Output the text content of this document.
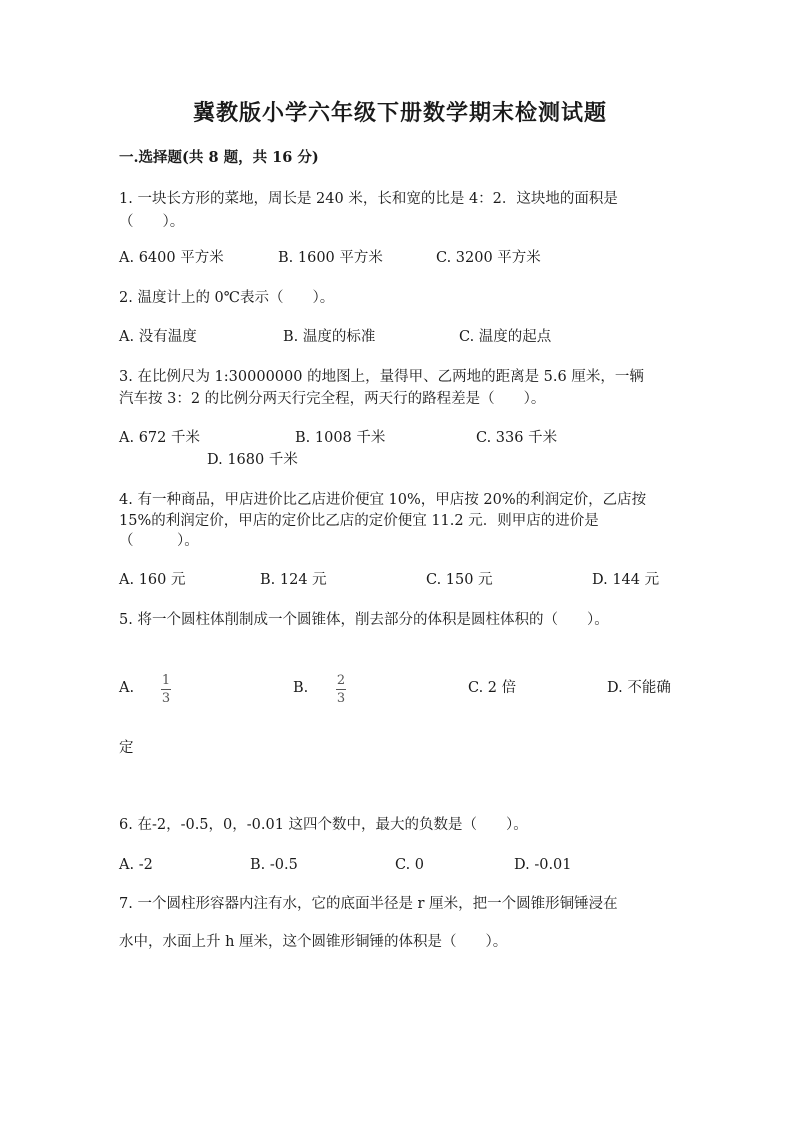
冀教版小学六年级下册数学期末检测试题
一.选择题(共 8 题，共 16 分)
1. 一块长方形的菜地，周长是 240 米，长和宽的比是 4：2．这块地的面积是
（　　）。
A. 6400 平方米	B. 1600 平方米	C. 3200 平方米
2. 温度计上的 0℃表示（　　）。
A. 没有温度	B. 温度的标准	C. 温度的起点
3. 在比例尺为 1:30000000 的地图上，量得甲、乙两地的距离是 5.6 厘米，一辆
汽车按 3：2 的比例分两天行完全程，两天行的路程差是（　　）。
A. 672 千米	B. 1008 千米	C. 336 千米
D. 1680 千米
4. 有一种商品，甲店进价比乙店进价便宜 10%，甲店按 20%的利润定价，乙店按
15%的利润定价，甲店的定价比乙店的定价便宜 11.2 元．则甲店的进价是
（　　　）。
A. 160 元	B. 124 元	C. 150 元	D. 144 元
5. 将一个圆柱体削制成一个圆锥体，削去部分的体积是圆柱体积的（　　）。
A. 1
3
B. 2
3
C. 2 倍	D. 不能确
定
6. 在-2，-0.5，0，-0.01 这四个数中，最大的负数是（　　）。
A. -2	B. -0.5	C. 0	D. -0.01
7. 一个圆柱形容器内注有水，它的底面半径是 r 厘米，把一个圆锥形铜锤浸在
水中，水面上升 h 厘米，这个圆锥形铜锤的体积是（　　）。
